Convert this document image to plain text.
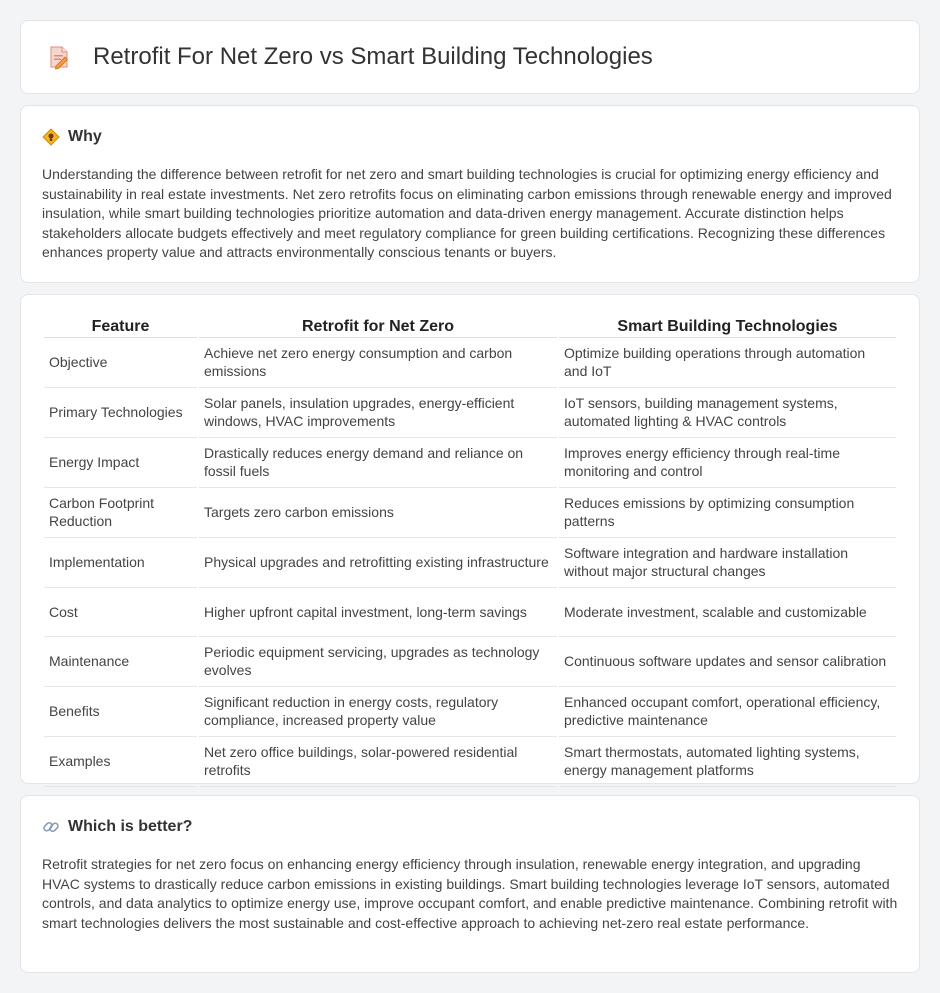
Retrofit For Net Zero vs Smart Building Technologies
Why

Understanding the difference between retrofit for net zero and smart building technologies is crucial for optimizing energy efficiency and sustainability in real estate investments. Net zero retrofits focus on eliminating carbon emissions through renewable energy and improved insulation, while smart building technologies prioritize automation and data-driven energy management. Accurate distinction helps stakeholders allocate budgets effectively and meet regulatory compliance for green building certifications. Recognizing these differences enhances property value and attracts environmentally conscious tenants or buyers.

Feature	Retrofit for Net Zero	Smart Building Technologies
Objective	Achieve net zero energy consumption and carbon emissions	Optimize building operations through automation and IoT
Primary Technologies	Solar panels, insulation upgrades, energy-efficient windows, HVAC improvements	IoT sensors, building management systems, automated lighting & HVAC controls
Energy Impact	Drastically reduces energy demand and reliance on fossil fuels	Improves energy efficiency through real-time monitoring and control
Carbon Footprint Reduction	Targets zero carbon emissions	Reduces emissions by optimizing consumption patterns
Implementation	Physical upgrades and retrofitting existing infrastructure	Software integration and hardware installation without major structural changes
Cost	Higher upfront capital investment, long-term savings	Moderate investment, scalable and customizable
Maintenance	Periodic equipment servicing, upgrades as technology evolves	Continuous software updates and sensor calibration
Benefits	Significant reduction in energy costs, regulatory compliance, increased property value	Enhanced occupant comfort, operational efficiency, predictive maintenance
Examples	Net zero office buildings, solar-powered residential retrofits	Smart thermostats, automated lighting systems, energy management platforms
Which is better?

Retrofit strategies for net zero focus on enhancing energy efficiency through insulation, renewable energy integration, and upgrading HVAC systems to drastically reduce carbon emissions in existing buildings. Smart building technologies leverage IoT sensors, automated controls, and data analytics to optimize energy use, improve occupant comfort, and enable predictive maintenance. Combining retrofit with smart technologies delivers the most sustainable and cost-effective approach to achieving net-zero real estate performance.
